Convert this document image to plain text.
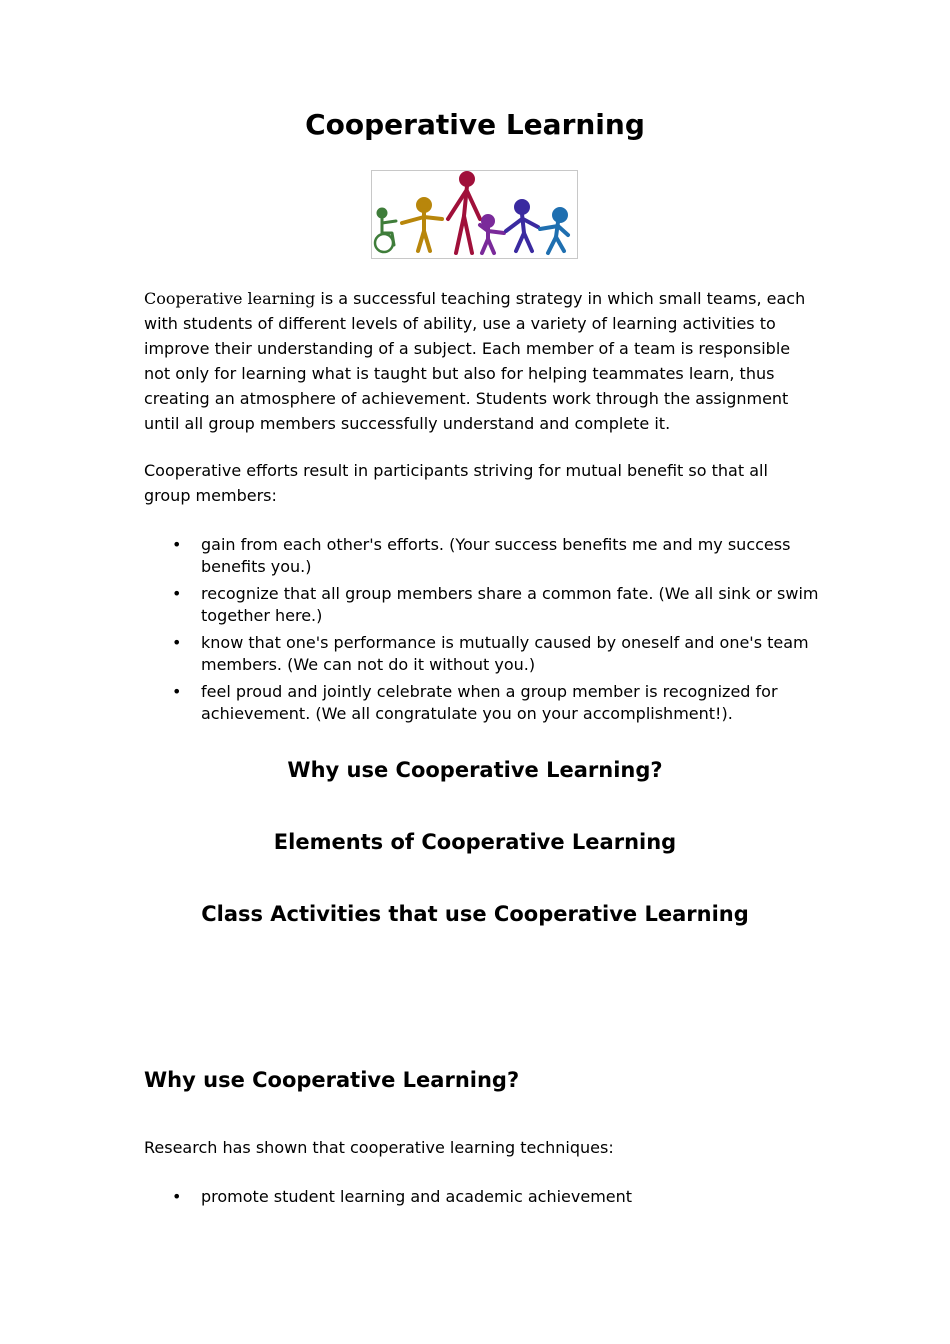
Cooperative Learning

Cooperative learning is a successful teaching strategy in which small teams, each with students of different levels of ability, use a variety of learning activities to improve their understanding of a subject. Each member of a team is responsible not only for learning what is taught but also for helping teammates learn, thus creating an atmosphere of achievement. Students work through the assignment until all group members successfully understand and complete it.

Cooperative efforts result in participants striving for mutual benefit so that all group members:

• gain from each other's efforts. (Your success benefits me and my success benefits you.)
• recognize that all group members share a common fate. (We all sink or swim together here.)
• know that one's performance is mutually caused by oneself and one's team members. (We can not do it without you.)
• feel proud and jointly celebrate when a group member is recognized for achievement. (We all congratulate you on your accomplishment!).
Why use Cooperative Learning?
Elements of Cooperative Learning
Class Activities that use Cooperative Learning
Why use Cooperative Learning?

Research has shown that cooperative learning techniques:

• promote student learning and academic achievement
